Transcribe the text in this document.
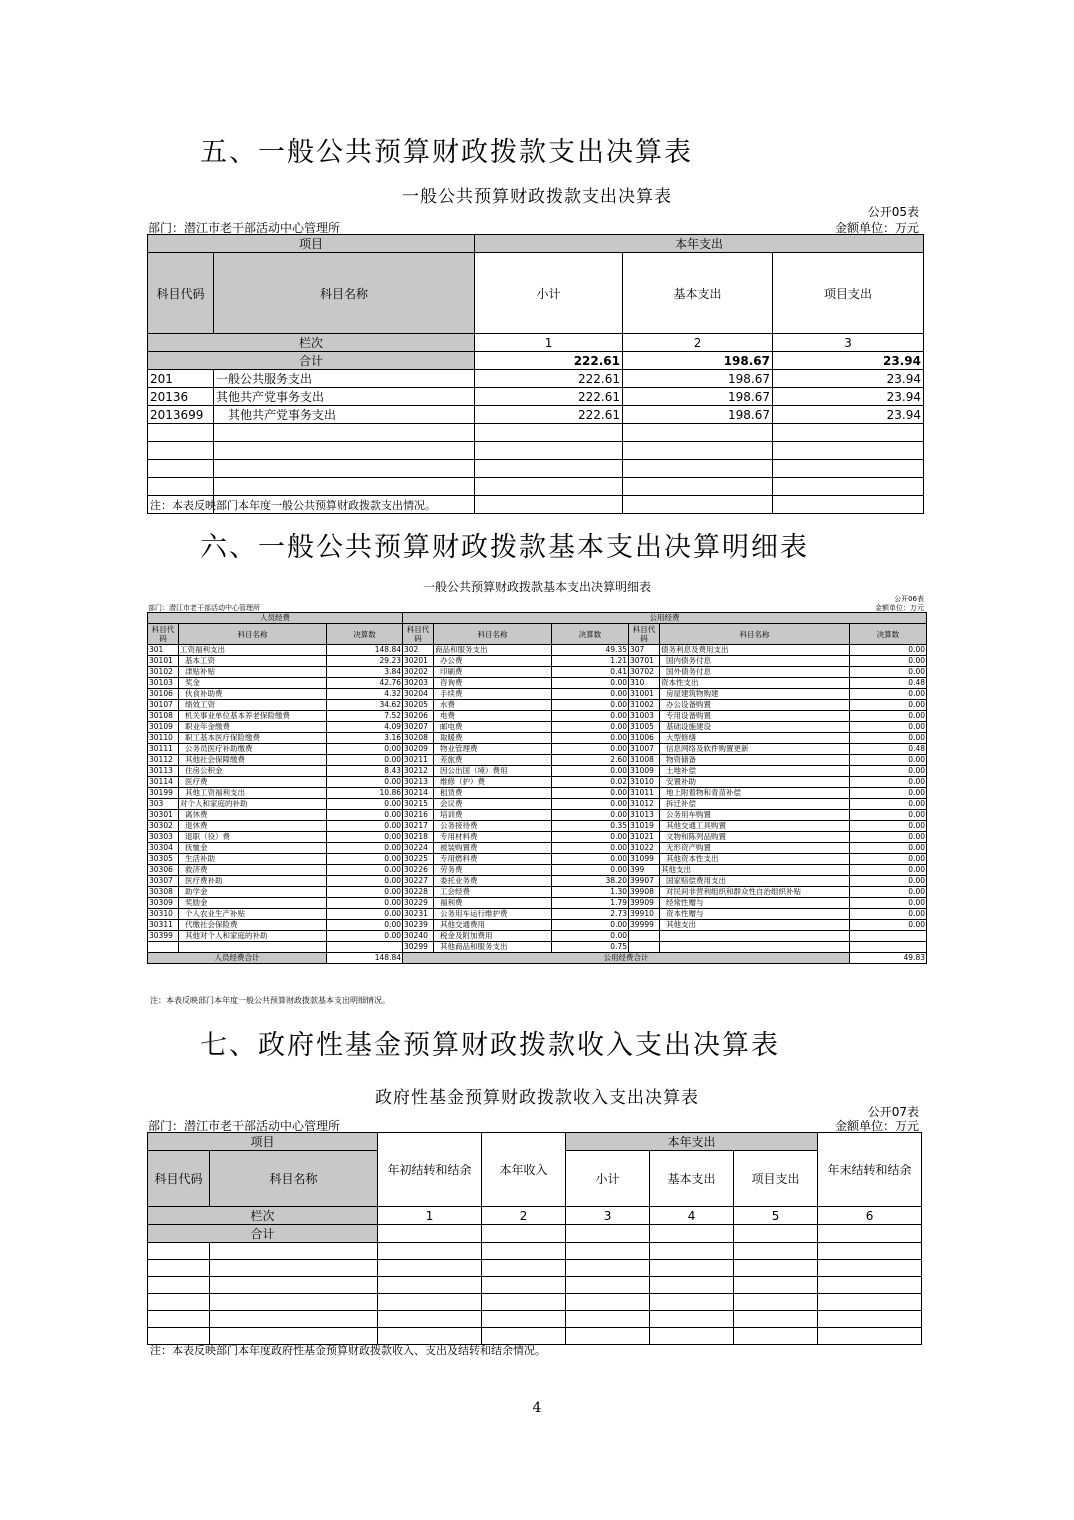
五、一般公共预算财政拨款支出决算表
一般公共预算财政拨款支出决算表
公开05表
部门：潜江市老干部活动中心管理所	金额单位：万元
项目		本年支出		
科目代码	科目名称	小计	基本支出	项目支出
栏次		1	2	3
合计		222.61	198.67	23.94
201	一般公共服务支出	222.61	198.67	23.94
20136	其他共产党事务支出	222.61	198.67	23.94
2013699	其他共产党事务支出	222.61	198.67	23.94

注：本表反映部门本年度一般公共预算财政拨款支出情况。
六、一般公共预算财政拨款基本支出决算明细表
一般公共预算财政拨款基本支出决算明细表
公开06表
部门：潜江市老干部活动中心管理所	金额单位：万元
人员经费			公用经费					
科目代码	科目名称	决算数	科目代码	科目名称	决算数	科目代码	科目名称	决算数
301	工资福利支出	148.84	302	商品和服务支出	49.35	307	债务利息及费用支出	0.00
30101	基本工资	29.23	30201	办公费	1.21	30701	国内债务付息	0.00
30102	津贴补贴	3.84	30202	印刷费	0.41	30702	国外债务付息	0.00
30103	奖金	42.76	30203	咨询费	0.00	310	资本性支出	0.48
30106	伙食补助费	4.32	30204	手续费	0.00	31001	房屋建筑物购建	0.00
30107	绩效工资	34.62	30205	水费	0.00	31002	办公设备购置	0.00
30108	机关事业单位基本养老保险缴费	7.52	30206	电费	0.00	31003	专用设备购置	0.00
30109	职业年金缴费	4.09	30207	邮电费	0.00	31005	基础设施建设	0.00
30110	职工基本医疗保险缴费	3.16	30208	取暖费	0.00	31006	大型修缮	0.00
30111	公务员医疗补助缴费	0.00	30209	物业管理费	0.00	31007	信息网络及软件购置更新	0.48
30112	其他社会保障缴费	0.00	30211	差旅费	2.60	31008	物资储备	0.00
30113	住房公积金	8.43	30212	因公出国（境）费用	0.00	31009	土地补偿	0.00
30114	医疗费	0.00	30213	维修（护）费	0.02	31010	安置补助	0.00
30199	其他工资福利支出	10.86	30214	租赁费	0.00	31011	地上附着物和青苗补偿	0.00
303	对个人和家庭的补助	0.00	30215	会议费	0.00	31012	拆迁补偿	0.00
30301	离休费	0.00	30216	培训费	0.00	31013	公务用车购置	0.00
30302	退休费	0.00	30217	公务接待费	0.35	31019	其他交通工具购置	0.00
30303	退职（役）费	0.00	30218	专用材料费	0.00	31021	文物和陈列品购置	0.00
30304	抚恤金	0.00	30224	被装购置费	0.00	31022	无形资产购置	0.00
30305	生活补助	0.00	30225	专用燃料费	0.00	31099	其他资本性支出	0.00
30306	救济费	0.00	30226	劳务费	0.00	399	其他支出	0.00
30307	医疗费补助	0.00	30227	委托业务费	38.20	39907	国家赔偿费用支出	0.00
30308	助学金	0.00	30228	工会经费	1.30	39908	对民间非营利组织和群众性自治组织补贴	0.00
30309	奖励金	0.00	30229	福利费	1.79	39909	经常性赠与	0.00
30310	个人农业生产补贴	0.00	30231	公务用车运行维护费	2.73	39910	资本性赠与	0.00
30311	代缴社会保险费	0.00	30239	其他交通费用	0.00	39999	其他支出	0.00
30399	其他对个人和家庭的补助	0.00	30240	税金及附加费用	0.00			
			30299	其他商品和服务支出	0.75			
人员经费合计		148.84	公用经费合计					49.83
注：本表反映部门本年度一般公共预算财政拨款基本支出明细情况。
七、政府性基金预算财政拨款收入支出决算表
政府性基金预算财政拨款收入支出决算表
公开07表
部门：潜江市老干部活动中心管理所	金额单位：万元
项目		年初结转和结余	本年收入	本年支出			年末结转和结余
科目代码	科目名称			小计	基本支出	项目支出	
栏次		1	2	3	4	5	6
合计							

注：本表反映部门本年度政府性基金预算财政拨款收入、支出及结转和结余情况。
4
